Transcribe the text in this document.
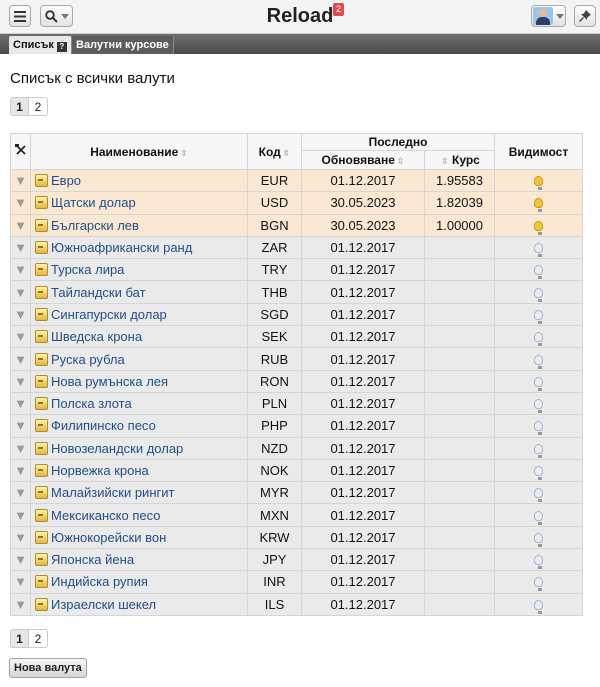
Reload 2
Списък ?	Валутни курсове
Списък с всички валути
1 2
	Наименование ⇳	Код ⇳	Последно		Видимост
			Обновяване ⇳	⇳ Курс	
▼	Евро	EUR	01.12.2017	1.95583	
▼	Щатски долар	USD	30.05.2023	1.82039	
▼	Български лев	BGN	30.05.2023	1.00000	
▼	Южноафрикански ранд	ZAR	01.12.2017		
▼	Турска лира	TRY	01.12.2017		
▼	Тайландски бат	THB	01.12.2017		
▼	Сингапурски долар	SGD	01.12.2017		
▼	Шведска крона	SEK	01.12.2017		
▼	Руска рубла	RUB	01.12.2017		
▼	Нова румънска лея	RON	01.12.2017		
▼	Полска злота	PLN	01.12.2017		
▼	Филипинско песо	PHP	01.12.2017		
▼	Новозеландски долар	NZD	01.12.2017		
▼	Норвежка крона	NOK	01.12.2017		
▼	Малайзийски рингит	MYR	01.12.2017		
▼	Мексиканско песо	MXN	01.12.2017		
▼	Южнокорейски вон	KRW	01.12.2017		
▼	Японска йена	JPY	01.12.2017		
▼	Индийска рупия	INR	01.12.2017		
▼	Израелски шекел	ILS	01.12.2017		
1 2
Нова валута
